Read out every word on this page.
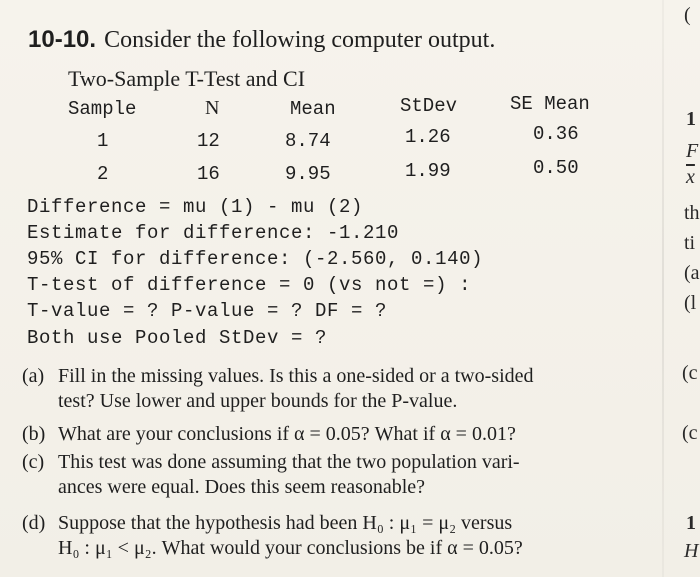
10-10. Consider the following computer output.
Two-Sample T-Test and CI
Sample	N	Mean	StDev	SE Mean
1	12	8.74	1.26	0.36
2	16	9.95	1.99	0.50
Difference = mu (1) - mu (2)
Estimate for difference: -1.210
95% CI for difference: (-2.560, 0.140)
T-test of difference = 0 (vs not =) :
T-value = ? P-value = ? DF = ?
Both use Pooled StDev = ?
(a) Fill in the missing values. Is this a one-sided or a two-sided
test? Use lower and upper bounds for the P-value.
(b) What are your conclusions if α = 0.05? What if α = 0.01?
(c) This test was done assuming that the two population vari-
ances were equal. Does this seem reasonable?
(d) Suppose that the hypothesis had been H₀ : μ₁ = μ₂ versus
H₀ : μ₁ < μ₂. What would your conclusions be if α = 0.05?
(
1
F
$\overline{x}$
th
ti
(a
(l
(c
(c
1
H
